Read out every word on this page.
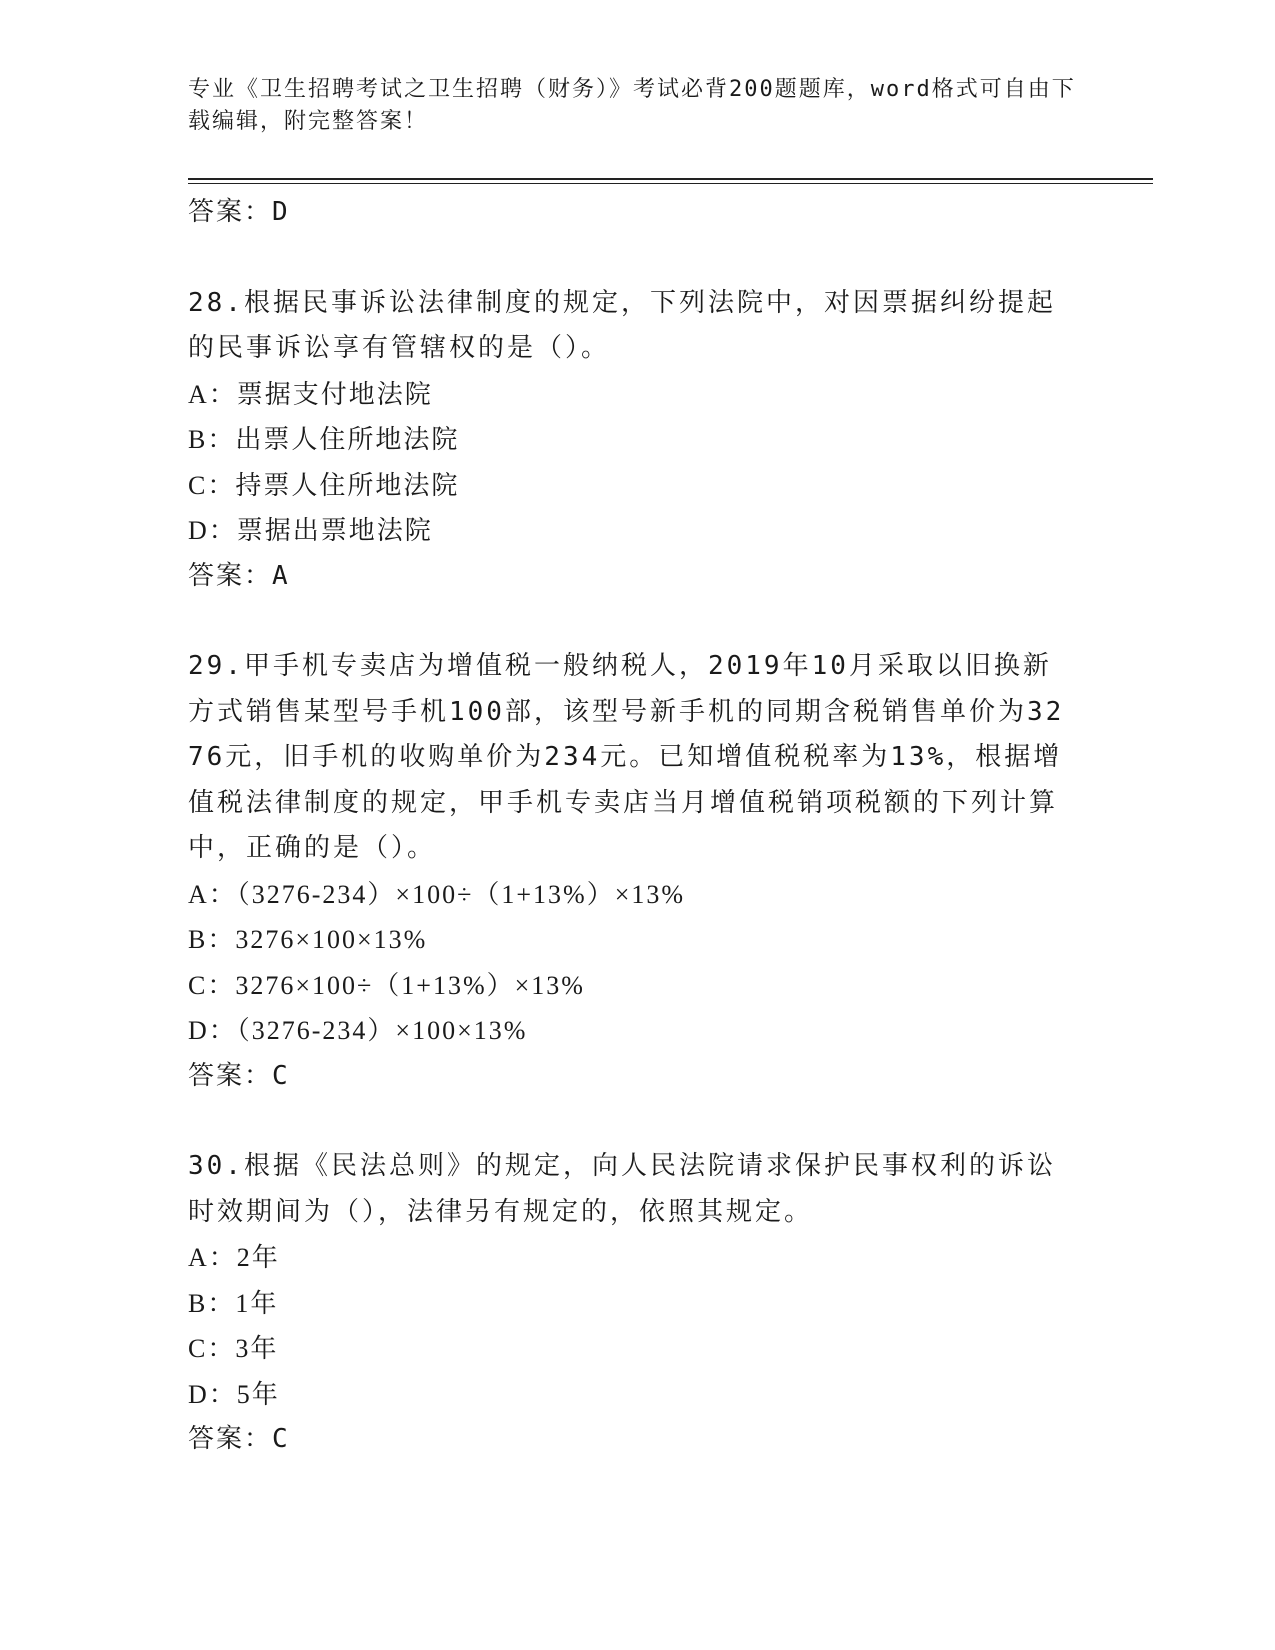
专业《卫生招聘考试之卫生招聘（财务）》考试必背200题题库，word格式可自由下载编辑，附完整答案！
答案：D
28.根据民事诉讼法律制度的规定，下列法院中，对因票据纠纷提起的民事诉讼享有管辖权的是（）。
A：票据支付地法院
B：出票人住所地法院
C：持票人住所地法院
D：票据出票地法院
答案：A
29.甲手机专卖店为增值税一般纳税人，2019年10月采取以旧换新方式销售某型号手机100部，该型号新手机的同期含税销售单价为3276元，旧手机的收购单价为234元。已知增值税税率为13%，根据增值税法律制度的规定，甲手机专卖店当月增值税销项税额的下列计算中，正确的是（）。
A：（3276-234）×100÷（1+13%）×13%
B：3276×100×13%
C：3276×100÷（1+13%）×13%
D：（3276-234）×100×13%
答案：C
30.根据《民法总则》的规定，向人民法院请求保护民事权利的诉讼时效期间为（），法律另有规定的，依照其规定。
A：2年
B：1年
C：3年
D：5年
答案：C
